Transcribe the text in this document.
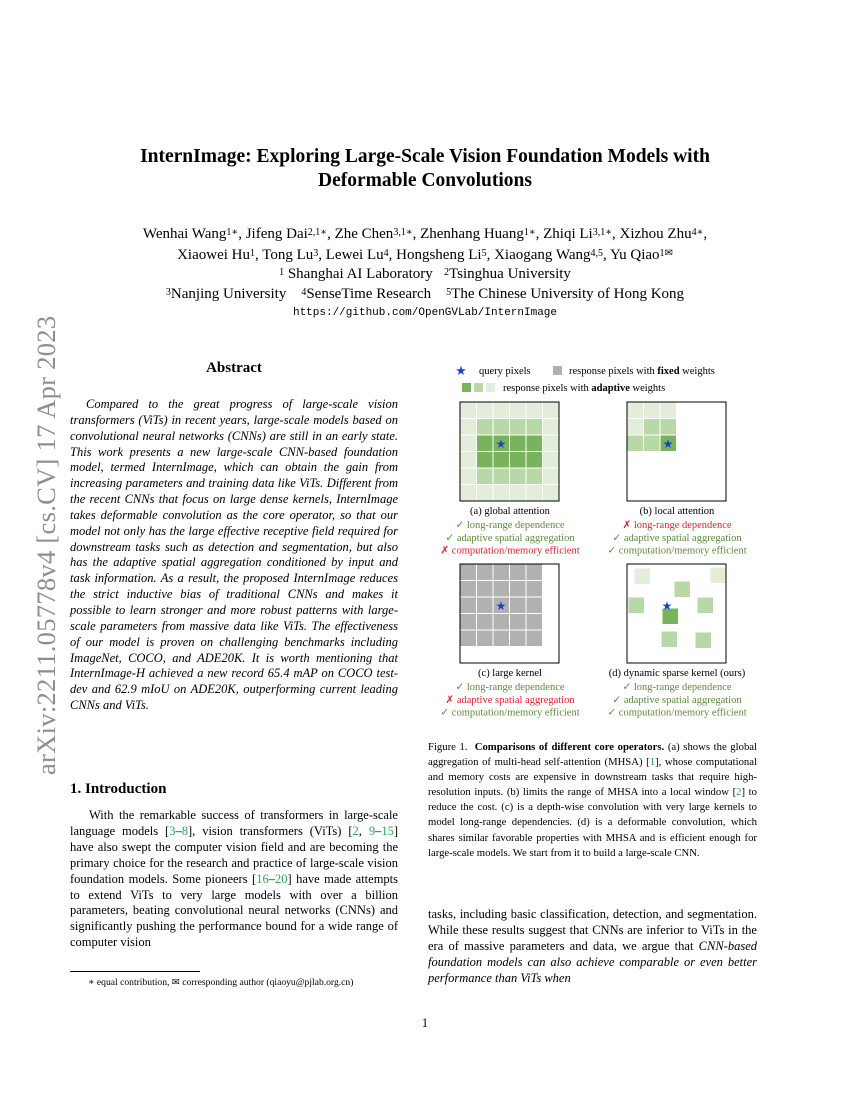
arXiv:2211.05778v4 [cs.CV] 17 Apr 2023
InternImage: Exploring Large-Scale Vision Foundation Models with
Deformable Convolutions
Wenhai Wang$^{1∗}$, Jifeng Dai$^{2,1∗}$, Zhe Chen$^{3,1∗}$, Zhenhang Huang$^{1∗}$, Zhiqi $Li^{3,1∗}$, Xizhou Zhu$^{4∗}$,
Xiaowei Hu$^1$, Tong Lu$^3$, Lewei Lu$^4$, Hongsheng Li$^5$, Xiaogang Wang$^{4,5}$, Yu Qiao$^{1✉}$
$^1$ Shanghai AI Laboratory $^2$Tsinghua University
$^3$Nanjing University $^4$SenseTime Research $^5$The Chinese University of Hong Kong
https://github.com/OpenGVLab/InternImage
Abstract
Compared to the great progress of large-scale vision transformers (ViTs) in recent years, large-scale models based on convolutional neural networks (CNNs) are still in an early state. This work presents a new large-scale CNN-based foundation model, termed InternImage, which can obtain the gain from increasing parameters and training data like ViTs. Different from the recent CNNs that focus on large dense kernels, InternImage takes deformable convolution as the core operator, so that our model not only has the large effective receptive field required for downstream tasks such as detection and segmentation, but also has the adaptive spatial aggregation conditioned by input and task information. As a result, the proposed InternImage reduces the strict inductive bias of traditional CNNs and makes it possible to learn stronger and more robust patterns with large-scale parameters from massive data like ViTs. The effectiveness of our model is proven on challenging benchmarks including ImageNet, COCO, and ADE20K. It is worth mentioning that InternImage-H achieved a new record 65.4 mAP on COCO test-dev and 62.9 mIoU on ADE20K, outperforming current leading CNNs and ViTs.
1. Introduction
With the remarkable success of transformers in large-scale language models [3–8], vision transformers (ViTs) [2, 9–15] have also swept the computer vision field and are becoming the primary choice for the research and practice of large-scale vision foundation models. Some pioneers [16–20] have made attempts to extend ViTs to very large models with over a billion parameters, beating convolutional neural networks (CNNs) and significantly pushing the performance bound for a wide range of computer vision
∗ equal contribution, ✉ corresponding author (qiaoyu@pjlab.org.cn)
★ query pixels	response pixels with fixed weights
response pixels with adaptive weights
★
(a) global attention
★
(b) local attention
★
(c) large kernel
★
(d) dynamic sparse kernel (ours)
✓ long-range dependence
✓ adaptive spatial aggregation
✗ computation/memory efficient
✗ long-range dependence
✓ adaptive spatial aggregation
✓ computation/memory efficient
✓ long-range dependence
✗ adaptive spatial aggregation
✓ computation/memory efficient
✓ long-range dependence
✓ adaptive spatial aggregation
✓ computation/memory efficient
Figure 1. Comparisons of different core operators. (a) shows the global aggregation of multi-head self-attention (MHSA) [1], whose computational and memory costs are expensive in downstream tasks that require high-resolution inputs. (b) limits the range of MHSA into a local window [2] to reduce the cost. (c) is a depth-wise convolution with very large kernels to model long-range dependencies. (d) is a deformable convolution, which shares similar favorable properties with MHSA and is efficient enough for large-scale models. We start from it to build a large-scale CNN.
tasks, including basic classification, detection, and segmentation. While these results suggest that CNNs are inferior to ViTs in the era of massive parameters and data, we argue that CNN-based foundation models can also achieve comparable or even better performance than ViTs when
1
